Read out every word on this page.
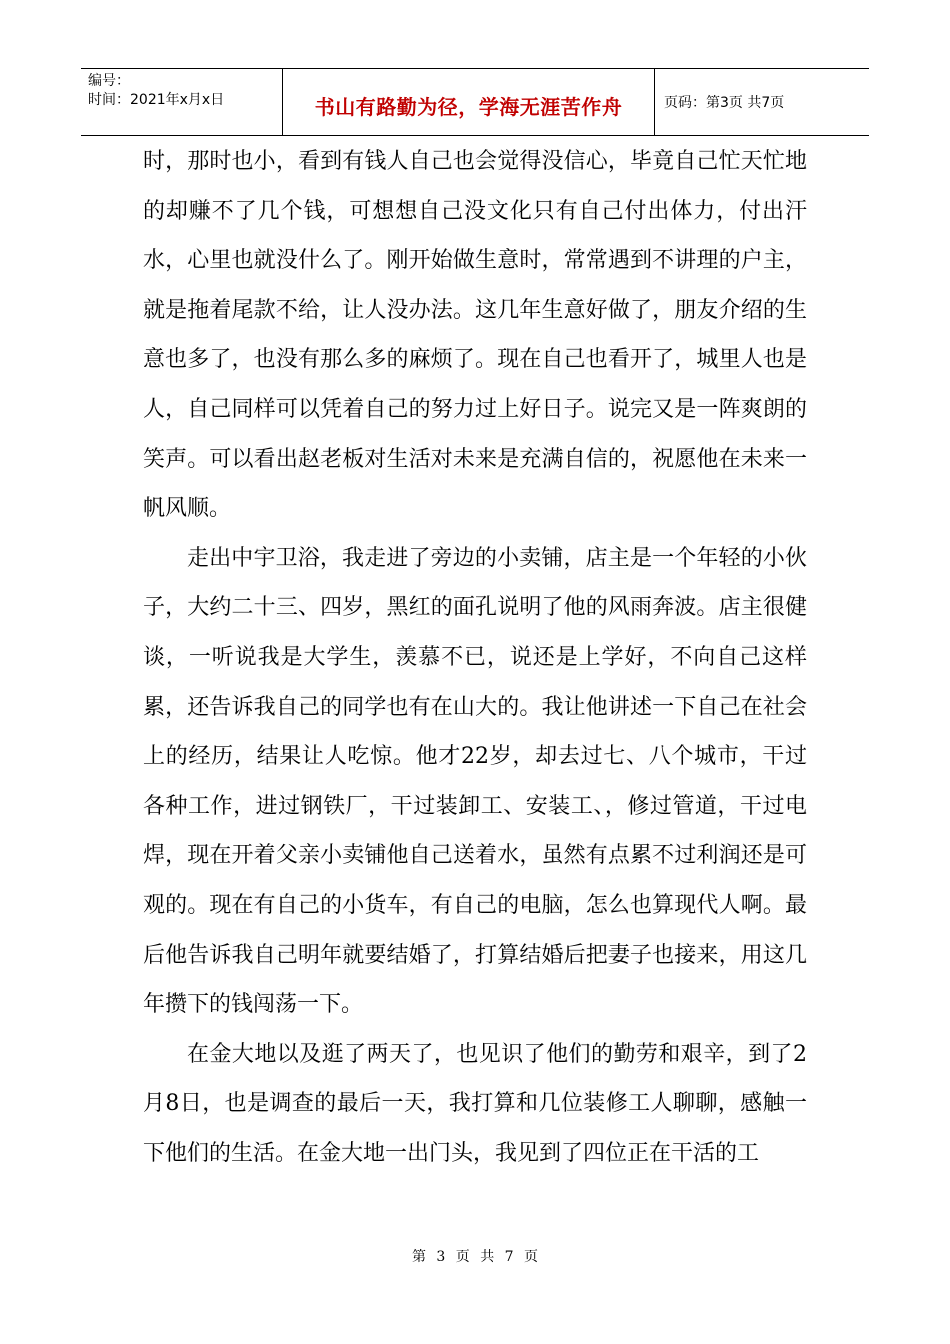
编号：
时间：2021年x月x日	书山有路勤为径，学海无涯苦作舟	页码：第3页 共7页

时，那时也小，看到有钱人自己也会觉得没信心，毕竟自己忙天忙地的却赚不了几个钱，可想想自己没文化只有自己付出体力，付出汗水，心里也就没什么了。刚开始做生意时，常常遇到不讲理的户主，就是拖着尾款不给，让人没办法。这几年生意好做了，朋友介绍的生意也多了，也没有那么多的麻烦了。现在自己也看开了，城里人也是人，自己同样可以凭着自己的努力过上好日子。说完又是一阵爽朗的笑声。可以看出赵老板对生活对未来是充满自信的，祝愿他在未来一帆风顺。

走出中宇卫浴，我走进了旁边的小卖铺，店主是一个年轻的小伙子，大约二十三、四岁，黑红的面孔说明了他的风雨奔波。店主很健谈，一听说我是大学生，羡慕不已，说还是上学好，不向自己这样累，还告诉我自己的同学也有在山大的。我让他讲述一下自己在社会上的经历，结果让人吃惊。他才22岁，却去过七、八个城市，干过各种工作，进过钢铁厂，干过装卸工、安装工、，修过管道，干过电焊，现在开着父亲小卖铺他自己送着水，虽然有点累不过利润还是可观的。现在有自己的小货车，有自己的电脑，怎么也算现代人啊。最后他告诉我自己明年就要结婚了，打算结婚后把妻子也接来，用这几年攒下的钱闯荡一下。

在金大地以及逛了两天了，也见识了他们的勤劳和艰辛，到了2月8日，也是调查的最后一天，我打算和几位装修工人聊聊，感触一下他们的生活。在金大地一出门头，我见到了四位正在干活的工

第 3 页 共 7 页
